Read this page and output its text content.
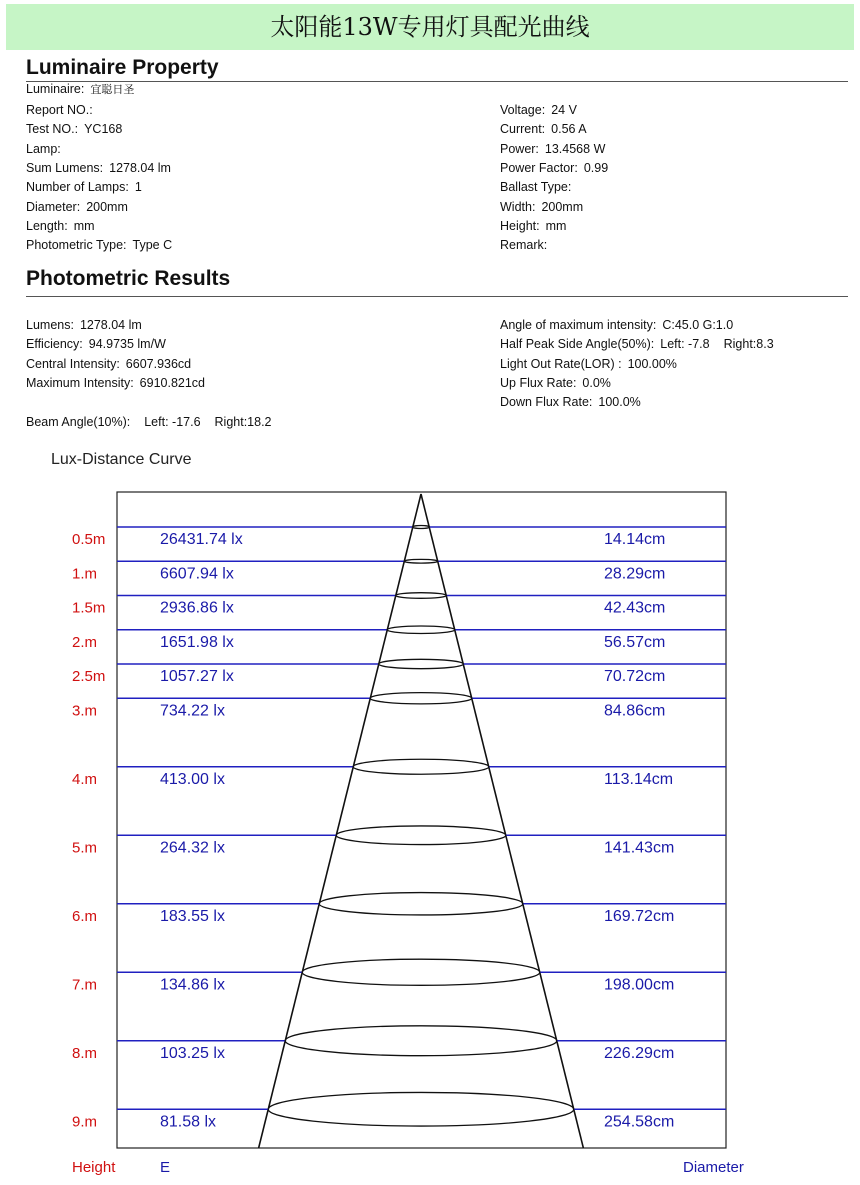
太阳能13W专用灯具配光曲线
Luminaire Property
Luminaire: 宜聪日圣
Report NO.:
Test NO.: YC168
Lamp:
Sum Lumens: 1278.04 lm
Number of Lamps: 1
Diameter: 200mm
Length: mm
Photometric Type: Type C
Voltage: 24 V
Current: 0.56 A
Power: 13.4568 W
Power Factor: 0.99
Ballast Type:
Width: 200mm
Height: mm
Remark:
Photometric Results
Lumens: 1278.04 lm
Efficiency: 94.9735 lm/W
Central Intensity: 6607.936cd
Maximum Intensity: 6910.821cd
Angle of maximum intensity: C:45.0 G:1.0
Half Peak Side Angle(50%): Left: -7.8 Right:8.3
Light Out Rate(LOR) : 100.00%
Up Flux Rate: 0.0%
Down Flux Rate: 100.0%
Beam Angle(10%): Left: -17.6 Right:18.2
Lux-Distance Curve
0.5m	26431.74 lx	14.14cm
1.m	6607.94 lx	28.29cm
1.5m	2936.86 lx	42.43cm
2.m	1651.98 lx	56.57cm
2.5m	1057.27 lx	70.72cm
3.m	734.22 lx	84.86cm
4.m	413.00 lx	113.14cm
5.m	264.32 lx	141.43cm
6.m	183.55 lx	169.72cm
7.m	134.86 lx	198.00cm
8.m	103.25 lx	226.29cm
9.m	81.58 lx	254.58cm
Height	E	Diameter
